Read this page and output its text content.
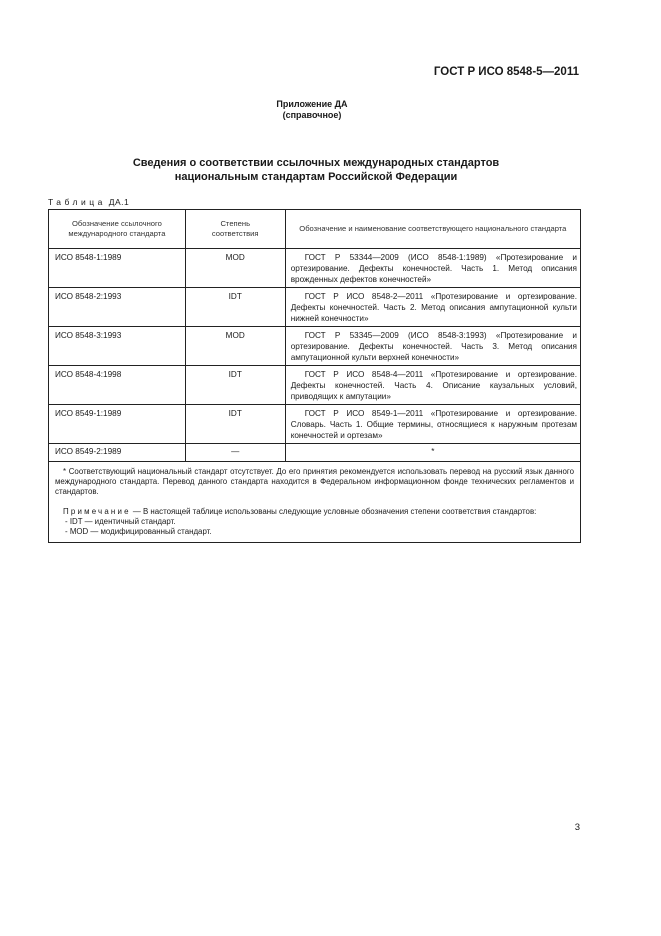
ГОСТ Р ИСО 8548-5—2011
Приложение ДА
(справочное)
Сведения о соответствии ссылочных международных стандартов
национальным стандартам Российской Федерации
Таблица ДА.1
Обозначение ссылочного международного стандарта	Степень соответствия	Обозначение и наименование соответствующего национального стандарта
ИСО 8548-1:1989	MOD	ГОСТ Р 53344—2009 (ИСО 8548-1:1989) «Протезирование и ортезирование. Дефекты конечностей. Часть 1. Метод описания врожденных дефектов конечностей»
ИСО 8548-2:1993	IDT	ГОСТ Р ИСО 8548-2—2011 «Протезирование и ортезирование. Дефекты конечностей. Часть 2. Метод описания ампутационной культи нижней конечности»
ИСО 8548-3:1993	MOD	ГОСТ Р 53345—2009 (ИСО 8548-3:1993) «Протезирование и ортезирование. Дефекты конечностей. Часть 3. Метод описания ампутационной культи верхней конечности»
ИСО 8548-4:1998	IDT	ГОСТ Р ИСО 8548-4—2011 «Протезирование и ортезирование. Дефекты конечностей. Часть 4. Описание каузальных условий, приводящих к ампутации»
ИСО 8549-1:1989	IDT	ГОСТ Р ИСО 8549-1—2011 «Протезирование и ортезирование. Словарь. Часть 1. Общие термины, относящиеся к наружным протезам конечностей и ортезам»
ИСО 8549-2:1989	—	*

* Соответствующий национальный стандарт отсутствует. До его принятия рекомендуется использовать перевод на русский язык данного международного стандарта. Перевод данного стандарта находится в Федеральном информационном фонде технических регламентов и стандартов.

Примечание — В настоящей таблице использованы следующие условные обозначения степени соответствия стандартов:

- IDT — идентичный стандарт.
- MOD — модифицированный стандарт.		
3
